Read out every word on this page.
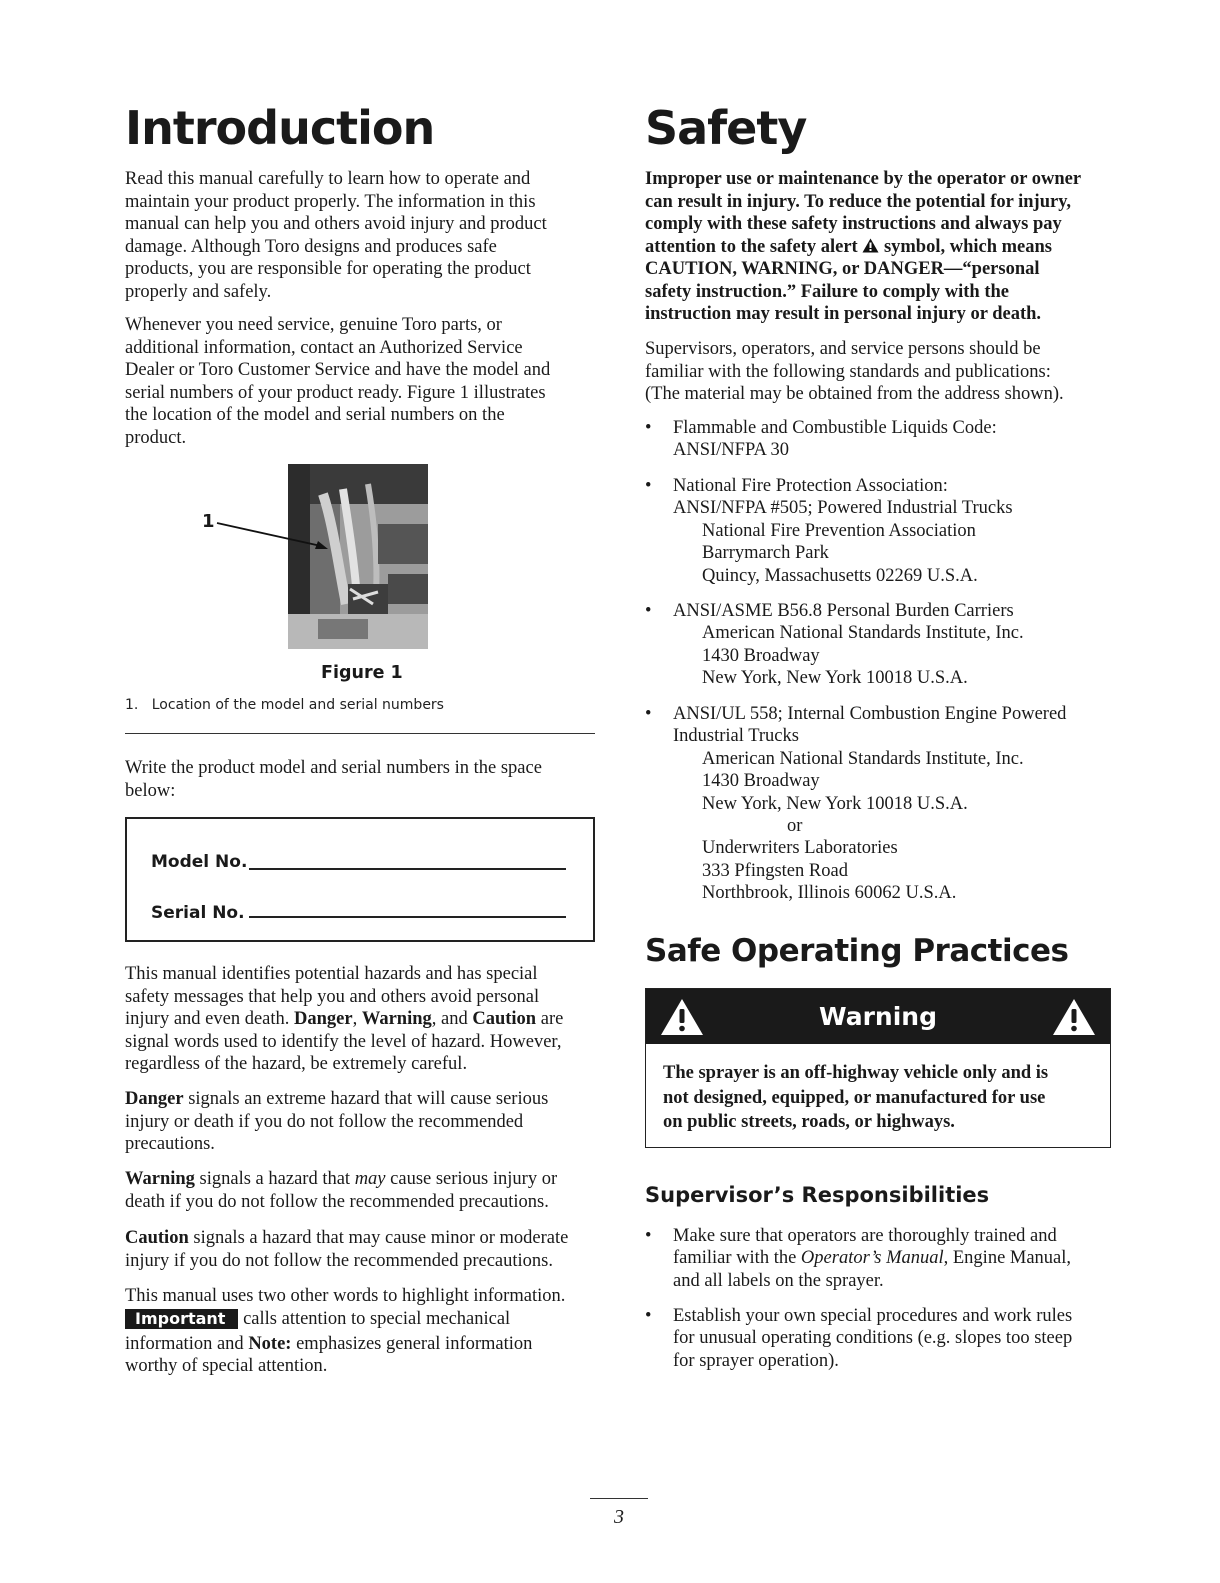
Introduction
Read this manual carefully to learn how to operate and
maintain your product properly. The information in this
manual can help you and others avoid injury and product
damage. Although Toro designs and produces safe
products, you are responsible for operating the product
properly and safely.
Whenever you need service, genuine Toro parts, or
additional information, contact an Authorized Service
Dealer or Toro Customer Service and have the model and
serial numbers of your product ready. Figure 1 illustrates
the location of the model and serial numbers on the
product.
1
Figure 1
1.   Location of the model and serial numbers
Write the product model and serial numbers in the space
below:
Model No.
Serial No.
This manual identifies potential hazards and has special
safety messages that help you and others avoid personal
injury and even death. Danger, Warning, and Caution are
signal words used to identify the level of hazard. However,
regardless of the hazard, be extremely careful.
Danger signals an extreme hazard that will cause serious
injury or death if you do not follow the recommended
precautions.
Warning signals a hazard that may cause serious injury or
death if you do not follow the recommended precautions.
Caution signals a hazard that may cause minor or moderate
injury if you do not follow the recommended precautions.
This manual uses two other words to highlight information.
Important calls attention to special mechanical
information and Note: emphasizes general information
worthy of special attention.
Safety
Improper use or maintenance by the operator or owner
can result in injury. To reduce the potential for injury,
comply with these safety instructions and always pay
attention to the safety alert  symbol, which means
CAUTION, WARNING, or DANGER—“personal
safety instruction.” Failure to comply with the
instruction may result in personal injury or death.
Supervisors, operators, and service persons should be
familiar with the following standards and publications:
(The material may be obtained from the address shown).
• Flammable and Combustible Liquids Code:
ANSI/NFPA 30
• National Fire Protection Association:
ANSI/NFPA #505; Powered Industrial Trucks
National Fire Prevention Association
Barrymarch Park
Quincy, Massachusetts 02269 U.S.A.
• ANSI/ASME B56.8 Personal Burden Carriers
American National Standards Institute, Inc.
1430 Broadway
New York, New York 10018 U.S.A.
• ANSI/UL 558; Internal Combustion Engine Powered
Industrial Trucks
American National Standards Institute, Inc.
1430 Broadway
New York, New York 10018 U.S.A.
or
Underwriters Laboratories
333 Pfingsten Road
Northbrook, Illinois 60062 U.S.A.
Safe Operating Practices
Warning
The sprayer is an off-highway vehicle only and is
not designed, equipped, or manufactured for use
on public streets, roads, or highways.
Supervisor’s Responsibilities
• Make sure that operators are thoroughly trained and
familiar with the Operator’s Manual, Engine Manual,
and all labels on the sprayer.
• Establish your own special procedures and work rules
for unusual operating conditions (e.g. slopes too steep
for sprayer operation).
3
